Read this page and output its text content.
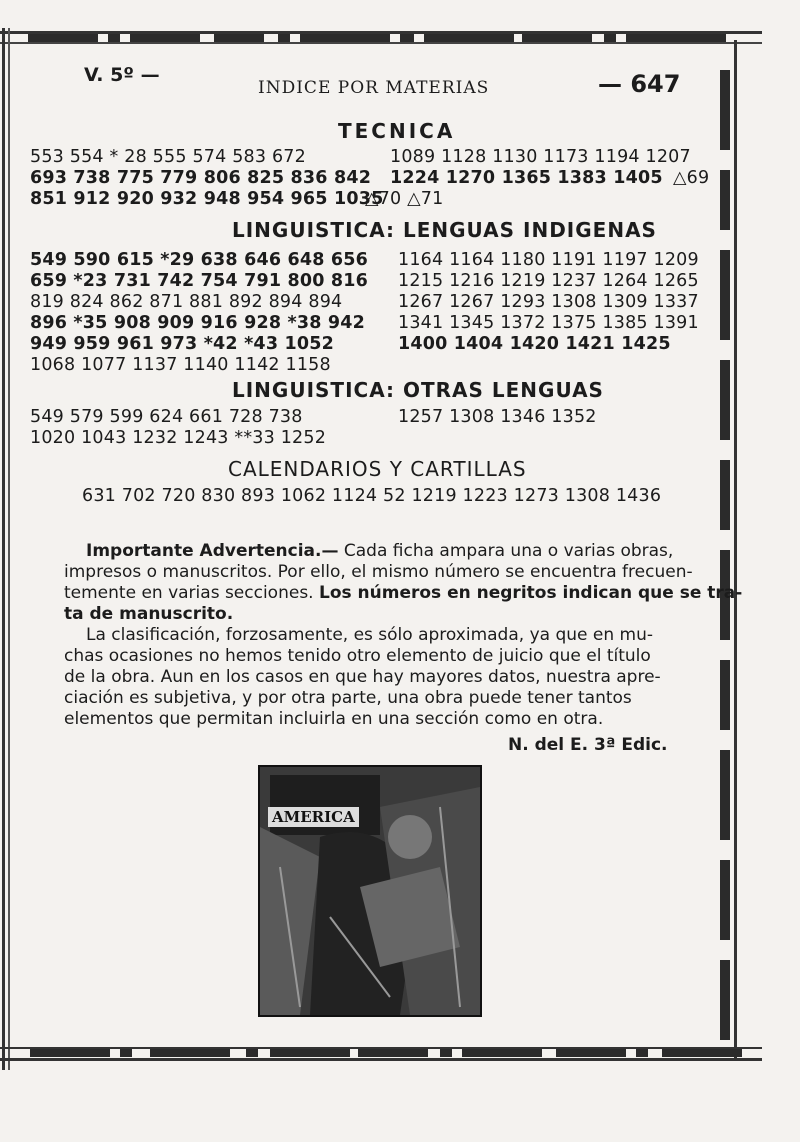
V. 5º —
INDICE POR MATERIAS	— 647
TECNICA
553 554 * 28 555 574 583 672
693 738 775 779 806 825 836 842
851 912 920 932 948 954 965 1035
1089 1128 1130 1173 1194 1207
1224 1270 1365 1383 1405 △69
△70 △71
LINGUISTICA: LENGUAS INDIGENAS
549 590 615 *29 638 646 648 656
659 *23 731 742 754 791 800 816
819 824 862 871 881 892 894 894
896 *35 908 909 916 928 *38 942
949 959 961 973 *42 *43 1052
1068 1077 1137 1140 1142 1158
1164 1164 1180 1191 1197 1209
1215 1216 1219 1237 1264 1265
1267 1267 1293 1308 1309 1337
1341 1345 1372 1375 1385 1391
1400 1404 1420 1421 1425
LINGUISTICA: OTRAS LENGUAS
549 579 599 624 661 728 738
1020 1043 1232 1243 **33 1252
1257 1308 1346 1352
CALENDARIOS Y CARTILLAS
631 702 720 830 893 1062 1124 52 1219 1223 1273 1308 1436
Importante Advertencia.— Cada ficha ampara una o varias obras,
impresos o manuscritos. Por ello, el mismo número se encuentra frecuen-
temente en varias secciones. Los números en negritos indican que se tra-
ta de manuscrito.
La clasificación, forzosamente, es sólo aproximada, ya que en mu-
chas ocasiones no hemos tenido otro elemento de juicio que el título
de la obra. Aun en los casos en que hay mayores datos, nuestra apre-
ciación es subjetiva, y por otra parte, una obra puede tener tantos
elementos que permitan incluirla en una sección como en otra.
N. del E. 3ª Edic.
AMERICA
